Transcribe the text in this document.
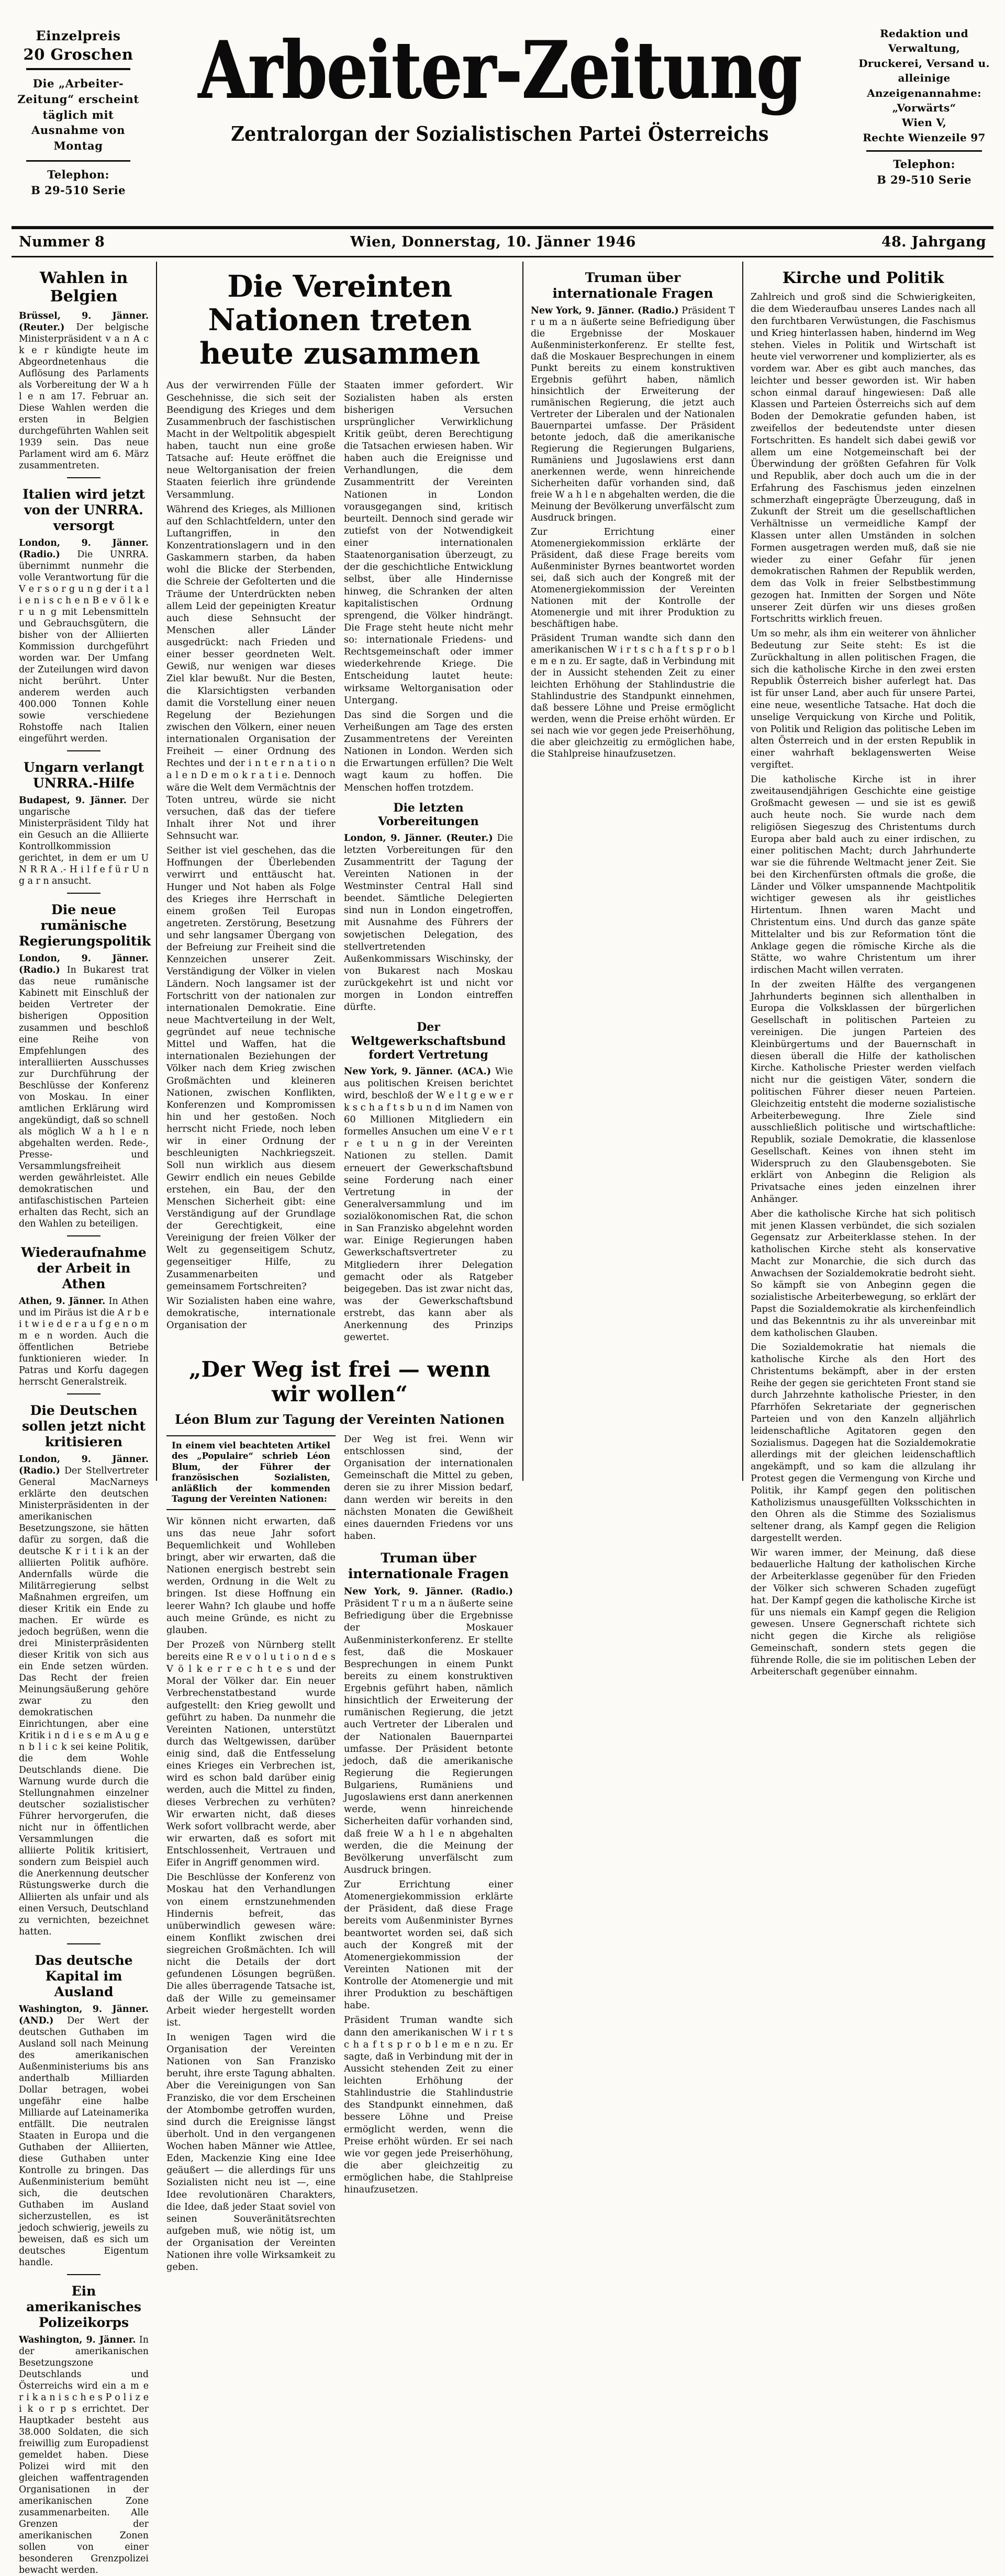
Einzelpreis
20 Groschen
Die „Arbeiter-Zeitung“ erscheint täglich mit Ausnahme von Montag
Telephon:
B 29-510 Serie
Arbeiter-Zeitung
Zentralorgan der Sozialistischen Partei Österreichs
Redaktion und Verwaltung, Druckerei, Versand u. alleinige Anzeigenannahme:
„Vorwärts“
Wien V,
Rechte Wienzeile 97
Telephon:
B 29-510 Serie
Nummer 8	Wien, Donnerstag, 10. Jänner 1946	48. Jahrgang
Wahlen in Belgien

Brüssel, 9. Jänner. (Reuter.) Der belgische Ministerpräsident v a n A c k e r kündigte heute im Abgeordnetenhaus die Auflösung des Parlaments als Vorbereitung der W a h l e n am 17. Februar an. Diese Wahlen werden die ersten in Belgien durchgeführten Wahlen seit 1939 sein. Das neue Parlament wird am 6. März zusammentreten.

Italien wird jetzt von der UNRRA. versorgt

London, 9. Jänner. (Radio.) Die UNRRA. übernimmt nunmehr die volle Verantwortung für die V e r s o r g u n g der i t a l i e n i s c h e n B e v ö l k e r u n g mit Lebensmitteln und Gebrauchsgütern, die bisher von der Alliierten Kommission durchgeführt worden war. Der Umfang der Zuteilungen wird davon nicht berührt. Unter anderem werden auch 400.000 Tonnen Kohle sowie verschiedene Rohstoffe nach Italien eingeführt werden.

Ungarn verlangt UNRRA.-Hilfe

Budapest, 9. Jänner. Der ungarische Ministerpräsident Tildy hat ein Gesuch an die Alliierte Kontrollkommission gerichtet, in dem er um U N R R A .- H i l f e f ü r U n g a r n ansucht.

Die neue rumänische Regierungspolitik

London, 9. Jänner. (Radio.) In Bukarest trat das neue rumänische Kabinett mit Einschluß der beiden Vertreter der bisherigen Opposition zusammen und beschloß eine Reihe von Empfehlungen des interalliierten Ausschusses zur Durchführung der Beschlüsse der Konferenz von Moskau. In einer amtlichen Erklärung wird angekündigt, daß so schnell als möglich W a h l e n abgehalten werden. Rede-, Presse- und Versammlungsfreiheit werden gewährleistet. Alle demokratischen und antifaschistischen Parteien erhalten das Recht, sich an den Wahlen zu beteiligen.

Wiederaufnahme der Arbeit in Athen

Athen, 9. Jänner. In Athen und im Piräus ist die A r b e i t w i e d e r a u f g e n o m m e n worden. Auch die öffentlichen Betriebe funktionieren wieder. In Patras und Korfu dagegen herrscht Generalstreik.

Die Deutschen sollen jetzt nicht kritisieren

London, 9. Jänner. (Radio.) Der Stellvertreter General MacNarneys erklärte den deutschen Ministerpräsidenten in der amerikanischen Besetzungszone, sie hätten dafür zu sorgen, daß die deutsche K r i t i k an der alliierten Politik aufhöre. Andernfalls würde die Militärregierung selbst Maßnahmen ergreifen, um dieser Kritik ein Ende zu machen. Er würde es jedoch begrüßen, wenn die drei Ministerpräsidenten dieser Kritik von sich aus ein Ende setzen würden. Das Recht der freien Meinungsäußerung gehöre zwar zu den demokratischen Einrichtungen, aber eine Kritik i n d i e s e m A u g e n b l i c k sei keine Politik, die dem Wohle Deutschlands diene. Die Warnung wurde durch die Stellungnahmen einzelner deutscher sozialistischer Führer hervorgerufen, die nicht nur in öffentlichen Versammlungen die alliierte Politik kritisiert, sondern zum Beispiel auch die Anerkennung deutscher Rüstungswerke durch die Alliierten als unfair und als einen Versuch, Deutschland zu vernichten, bezeichnet hatten.

Das deutsche Kapital im Ausland

Washington, 9. Jänner. (AND.) Der Wert der deutschen Guthaben im Ausland soll nach Meinung des amerikanischen Außenministeriums bis ans anderthalb Milliarden Dollar betragen, wobei ungefähr eine halbe Milliarde auf Lateinamerika entfällt. Die neutralen Staaten in Europa und die Guthaben der Alliierten, diese Guthaben unter Kontrolle zu bringen. Das Außenministerium bemüht sich, die deutschen Guthaben im Ausland sicherzustellen, es ist jedoch schwierig, jeweils zu beweisen, daß es sich um deutsches Eigentum handle.

Ein amerikanisches Polizeikorps

Washington, 9. Jänner. In der amerikanischen Besetzungszone Deutschlands und Österreichs wird ein a m e r i k a n i s c h e s P o l i z e i k o r p s errichtet. Der Hauptkader besteht aus 38.000 Soldaten, die sich freiwillig zum Europadienst gemeldet haben. Diese Polizei wird mit den gleichen waffentragenden Organisationen in der amerikanischen Zone zusammenarbeiten. Alle Grenzen der amerikanischen Zonen sollen von einer besonderen Grenzpolizei bewacht werden.

Die Vereinten Nationen treten heute zusammen

Aus der verwirrenden Fülle der Geschehnisse, die sich seit der Beendigung des Krieges und dem Zusammenbruch der faschistischen Macht in der Weltpolitik abgespielt haben, taucht nun eine große Tatsache auf: Heute eröffnet die neue Weltorganisation der freien Staaten feierlich ihre gründende Versammlung.

Während des Krieges, als Millionen auf den Schlachtfeldern, unter den Luftangriffen, in den Konzentrationslagern und in den Gaskammern starben, da haben wohl die Blicke der Sterbenden, die Schreie der Gefolterten und die Träume der Unterdrückten neben allem Leid der gepeinigten Kreatur auch diese Sehnsucht der Menschen aller Länder ausgedrückt: nach Frieden und einer besser geordneten Welt. Gewiß, nur wenigen war dieses Ziel klar bewußt. Nur die Besten, die Klarsichtigsten verbanden damit die Vorstellung einer neuen Regelung der Beziehungen zwischen den Völkern, einer neuen internationalen Organisation der Freiheit — einer Ordnung des Rechtes und der i n t e r n a t i o n a l e n D e m o k r a t i e. Dennoch wäre die Welt dem Vermächtnis der Toten untreu, würde sie nicht versuchen, daß das der tiefere Inhalt ihrer Not und ihrer Sehnsucht war.

Seither ist viel geschehen, das die Hoffnungen der Überlebenden verwirrt und enttäuscht hat. Hunger und Not haben als Folge des Krieges ihre Herrschaft in einem großen Teil Europas angetreten. Zerstörung, Besetzung und sehr langsamer Übergang von der Befreiung zur Freiheit sind die Kennzeichen unserer Zeit. Verständigung der Völker in vielen Ländern. Noch langsamer ist der Fortschritt von der nationalen zur internationalen Demokratie. Eine neue Machtverteilung in der Welt, gegründet auf neue technische Mittel und Waffen, hat die internationalen Beziehungen der Völker nach dem Krieg zwischen Großmächten und kleineren Nationen, zwischen Konflikten, Konferenzen und Kompromissen hin und her gestoßen. Noch herrscht nicht Friede, noch leben wir in einer Ordnung der beschleunigten Nachkriegszeit. Soll nun wirklich aus diesem Gewirr endlich ein neues Gebilde erstehen, ein Bau, der den Menschen Sicherheit gibt: eine Verständigung auf der Grundlage der Gerechtigkeit, eine Vereinigung der freien Völker der Welt zu gegenseitigem Schutz, gegenseitiger Hilfe, zu Zusammenarbeiten und gemeinsamem Fortschreiten?

Wir Sozialisten haben eine wahre, demokratische, internationale Organisation der

Staaten immer gefordert. Wir Sozialisten haben als ersten bisherigen Versuchen ursprünglicher Verwirklichung Kritik geübt, deren Berechtigung die Tatsachen erwiesen haben. Wir haben auch die Ereignisse und Verhandlungen, die dem Zusammentritt der Vereinten Nationen in London vorausgegangen sind, kritisch beurteilt. Dennoch sind gerade wir zutiefst von der Notwendigkeit einer internationalen Staatenorganisation überzeugt, zu der die geschichtliche Entwicklung selbst, über alle Hindernisse hinweg, die Schranken der alten kapitalistischen Ordnung sprengend, die Völker hindrängt. Die Frage steht heute nicht mehr so: internationale Friedens- und Rechtsgemeinschaft oder immer wiederkehrende Kriege. Die Entscheidung lautet heute: wirksame Weltorganisation oder Untergang.

Das sind die Sorgen und die Verheißungen am Tage des ersten Zusammentretens der Vereinten Nationen in London. Werden sich die Erwartungen erfüllen? Die Welt wagt kaum zu hoffen. Die Menschen hoffen trotzdem.

Die letzten Vorbereitungen

London, 9. Jänner. (Reuter.) Die letzten Vorbereitungen für den Zusammentritt der Tagung der Vereinten Nationen in der Westminster Central Hall sind beendet. Sämtliche Delegierten sind nun in London eingetroffen, mit Ausnahme des Führers der sowjetischen Delegation, des stellvertretenden Außenkommissars Wischinsky, der von Bukarest nach Moskau zurückgekehrt ist und nicht vor morgen in London eintreffen dürfte.

Der Weltgewerkschaftsbund fordert Vertretung

New York, 9. Jänner. (ACA.) Wie aus politischen Kreisen berichtet wird, beschloß der W e l t g e w e r k s c h a f t s b u n d im Namen von 60 Millionen Mitgliedern ein formelles Ansuchen um eine V e r t r e t u n g in der Vereinten Nationen zu stellen. Damit erneuert der Gewerkschaftsbund seine Forderung nach einer Vertretung in der Generalversammlung und im sozialökonomischen Rat, die schon in San Franzisko abgelehnt worden war. Einige Regierungen haben Gewerkschaftsvertreter zu Mitgliedern ihrer Delegation gemacht oder als Ratgeber beigegeben. Das ist zwar nicht das, was der Gewerkschaftsbund erstrebt, das kann aber als Anerkennung des Prinzips gewertet.

„Der Weg ist frei — wenn wir wollen“
Léon Blum zur Tagung der Vereinten Nationen
In einem viel beachteten Artikel des „Populaire“ schrieb Léon Blum, der Führer der französischen Sozialisten, anläßlich der kommenden Tagung der Vereinten Nationen:

Wir können nicht erwarten, daß uns das neue Jahr sofort Bequemlichkeit und Wohlleben bringt, aber wir erwarten, daß die Nationen energisch bestrebt sein werden, Ordnung in die Welt zu bringen. Ist diese Hoffnung ein leerer Wahn? Ich glaube und hoffe auch meine Gründe, es nicht zu glauben.

Der Prozeß von Nürnberg stellt bereits eine R e v o l u t i o n d e s V ö l k e r r e c h t e s und der Moral der Völker dar. Ein neuer Verbrechenstatbestand wurde aufgestellt: den Krieg gewollt und geführt zu haben. Da nunmehr die Vereinten Nationen, unterstützt durch das Weltgewissen, darüber einig sind, daß die Entfesselung eines Krieges ein Verbrechen ist, wird es schon bald darüber einig werden, auch die Mittel zu finden, dieses Verbrechen zu verhüten? Wir erwarten nicht, daß dieses Werk sofort vollbracht werde, aber wir erwarten, daß es sofort mit Entschlossenheit, Vertrauen und Eifer in Angriff genommen wird.

Die Beschlüsse der Konferenz von Moskau hat den Verhandlungen von einem ernstzunehmenden Hindernis befreit, das unüberwindlich gewesen wäre: einem Konflikt zwischen drei siegreichen Großmächten. Ich will nicht die Details der dort gefundenen Lösungen begrüßen. Die alles überragende Tatsache ist, daß der Wille zu gemeinsamer Arbeit wieder hergestellt worden ist.

In wenigen Tagen wird die Organisation der Vereinten Nationen von San Franzisko beruht, ihre erste Tagung abhalten. Aber die Vereinigungen von San Franzisko, die vor dem Erscheinen der Atombombe getroffen wurden, sind durch die Ereignisse längst überholt. Und in den vergangenen Wochen haben Männer wie Attlee, Eden, Mackenzie King eine Idee geäußert — die allerdings für uns Sozialisten nicht neu ist —, eine Idee revolutionären Charakters, die Idee, daß jeder Staat soviel von seinen Souveränitätsrechten aufgeben muß, wie nötig ist, um der Organisation der Vereinten Nationen ihre volle Wirksamkeit zu geben.

Der Weg ist frei. Wenn wir entschlossen sind, der Organisation der internationalen Gemeinschaft die Mittel zu geben, deren sie zu ihrer Mission bedarf, dann werden wir bereits in den nächsten Monaten die Gewißheit eines dauernden Friedens vor uns haben.

Truman über internationale Fragen

New York, 9. Jänner. (Radio.) Präsident T r u m a n äußerte seine Befriedigung über die Ergebnisse der Moskauer Außenministerkonferenz. Er stellte fest, daß die Moskauer Besprechungen in einem Punkt bereits zu einem konstruktiven Ergebnis geführt haben, nämlich hinsichtlich der Erweiterung der rumänischen Regierung, die jetzt auch Vertreter der Liberalen und der Nationalen Bauernpartei umfasse. Der Präsident betonte jedoch, daß die amerikanische Regierung die Regierungen Bulgariens, Rumäniens und Jugoslawiens erst dann anerkennen werde, wenn hinreichende Sicherheiten dafür vorhanden sind, daß freie W a h l e n abgehalten werden, die die Meinung der Bevölkerung unverfälscht zum Ausdruck bringen.

Zur Errichtung einer Atomenergiekommission erklärte der Präsident, daß diese Frage bereits vom Außenminister Byrnes beantwortet worden sei, daß sich auch der Kongreß mit der Atomenergiekommission der Vereinten Nationen mit der Kontrolle der Atomenergie und mit ihrer Produktion zu beschäftigen habe.

Präsident Truman wandte sich dann den amerikanischen W i r t s c h a f t s p r o b l e m e n zu. Er sagte, daß in Verbindung mit der in Aussicht stehenden Zeit zu einer leichten Erhöhung der Stahlindustrie die Stahlindustrie des Standpunkt einnehmen, daß bessere Löhne und Preise ermöglicht werden, wenn die Preise erhöht würden. Er sei nach wie vor gegen jede Preiserhöhung, die aber gleichzeitig zu ermöglichen habe, die Stahlpreise hinaufzusetzen.

Truman über internationale Fragen

New York, 9. Jänner. (Radio.) Präsident T r u m a n äußerte seine Befriedigung über die Ergebnisse der Moskauer Außenministerkonferenz. Er stellte fest, daß die Moskauer Besprechungen in einem Punkt bereits zu einem konstruktiven Ergebnis geführt haben, nämlich hinsichtlich der Erweiterung der rumänischen Regierung, die jetzt auch Vertreter der Liberalen und der Nationalen Bauernpartei umfasse. Der Präsident betonte jedoch, daß die amerikanische Regierung die Regierungen Bulgariens, Rumäniens und Jugoslawiens erst dann anerkennen werde, wenn hinreichende Sicherheiten dafür vorhanden sind, daß freie W a h l e n abgehalten werden, die die Meinung der Bevölkerung unverfälscht zum Ausdruck bringen.

Zur Errichtung einer Atomenergiekommission erklärte der Präsident, daß diese Frage bereits vom Außenminister Byrnes beantwortet worden sei, daß sich auch der Kongreß mit der Atomenergiekommission der Vereinten Nationen mit der Kontrolle der Atomenergie und mit ihrer Produktion zu beschäftigen habe.

Präsident Truman wandte sich dann den amerikanischen W i r t s c h a f t s p r o b l e m e n zu. Er sagte, daß in Verbindung mit der in Aussicht stehenden Zeit zu einer leichten Erhöhung der Stahlindustrie die Stahlindustrie des Standpunkt einnehmen, daß bessere Löhne und Preise ermöglicht werden, wenn die Preise erhöht würden. Er sei nach wie vor gegen jede Preiserhöhung, die aber gleichzeitig zu ermöglichen habe, die Stahlpreise hinaufzusetzen.

Kirche und Politik

Zahlreich und groß sind die Schwierigkeiten, die dem Wiederaufbau unseres Landes nach all den furchtbaren Verwüstungen, die Faschismus und Krieg hinterlassen haben, hindernd im Weg stehen. Vieles in Politik und Wirtschaft ist heute viel verworrener und komplizierter, als es vordem war. Aber es gibt auch manches, das leichter und besser geworden ist. Wir haben schon einmal darauf hingewiesen: Daß alle Klassen und Parteien Österreichs sich auf dem Boden der Demokratie gefunden haben, ist zweifellos der bedeutendste unter diesen Fortschritten. Es handelt sich dabei gewiß vor allem um eine Notgemeinschaft bei der Überwindung der größten Gefahren für Volk und Republik, aber doch auch um die in der Erfahrung des Faschismus jeden einzelnen schmerzhaft eingeprägte Überzeugung, daß in Zukunft der Streit um die gesellschaftlichen Verhältnisse un vermeidliche Kampf der Klassen unter allen Umständen in solchen Formen ausgetragen werden muß, daß sie nie wieder zu einer Gefahr für jenen demokratischen Rahmen der Republik werden, dem das Volk in freier Selbstbestimmung gezogen hat. Inmitten der Sorgen und Nöte unserer Zeit dürfen wir uns dieses großen Fortschritts wirklich freuen.

Um so mehr, als ihm ein weiterer von ähnlicher Bedeutung zur Seite steht: Es ist die Zurückhaltung in allen politischen Fragen, die sich die katholische Kirche in den zwei ersten Republik Österreich bisher auferlegt hat. Das ist für unser Land, aber auch für unsere Partei, eine neue, wesentliche Tatsache. Hat doch die unselige Verquickung von Kirche und Politik, von Politik und Religion das politische Leben im alten Österreich und in der ersten Republik in einer wahrhaft beklagenswerten Weise vergiftet.

Die katholische Kirche ist in ihrer zweitausendjährigen Geschichte eine geistige Großmacht gewesen — und sie ist es gewiß auch heute noch. Sie wurde nach dem religiösen Siegeszug des Christentums durch Europa aber bald auch zu einer irdischen, zu einer politischen Macht; durch Jahrhunderte war sie die führende Weltmacht jener Zeit. Sie bei den Kirchenfürsten oftmals die große, die Länder und Völker umspannende Machtpolitik wichtiger gewesen als ihr geistliches Hirtentum. Ihnen waren Macht und Christentum eins. Und durch das ganze späte Mittelalter und bis zur Reformation tönt die Anklage gegen die römische Kirche als die Stätte, wo wahre Christentum um ihrer irdischen Macht willen verraten.

In der zweiten Hälfte des vergangenen Jahrhunderts beginnen sich allenthalben in Europa die Volksklassen der bürgerlichen Gesellschaft in politischen Parteien zu vereinigen. Die jungen Parteien des Kleinbürgertums und der Bauernschaft in diesen überall die Hilfe der katholischen Kirche. Katholische Priester werden vielfach nicht nur die geistigen Väter, sondern die politischen Führer dieser neuen Parteien. Gleichzeitig entsteht die moderne sozialistische Arbeiterbewegung. Ihre Ziele sind ausschließlich politische und wirtschaftliche: Republik, soziale Demokratie, die klassenlose Gesellschaft. Keines von ihnen steht im Widerspruch zu den Glaubensgeboten. Sie erklärt von Anbeginn die Religion als Privatsache eines jeden einzelnen ihrer Anhänger.

Aber die katholische Kirche hat sich politisch mit jenen Klassen verbündet, die sich sozialen Gegensatz zur Arbeiterklasse stehen. In der katholischen Kirche steht als konservative Macht zur Monarchie, die sich durch das Anwachsen der Sozialdemokratie bedroht sieht. So kämpft sie von Anbeginn gegen die sozialistische Arbeiterbewegung, so erklärt der Papst die Sozialdemokratie als kirchenfeindlich und das Bekenntnis zu ihr als unvereinbar mit dem katholischen Glauben.

Die Sozialdemokratie hat niemals die katholische Kirche als den Hort des Christentums bekämpft, aber in der ersten Reihe der gegen sie gerichteten Front stand sie durch Jahrzehnte katholische Priester, in den Pfarrhöfen Sekretariate der gegnerischen Parteien und von den Kanzeln alljährlich leidenschaftliche Agitatoren gegen den Sozialismus. Dagegen hat die Sozialdemokratie allerdings mit der gleichen leidenschaftlich angekämpft, und so kam die allzulang ihr Protest gegen die Vermengung von Kirche und Politik, ihr Kampf gegen den politischen Katholizismus unausgefüllten Volksschichten in den Ohren als die Stimme des Sozialismus seltener drang, als Kampf gegen die Religion dargestellt werden.

Wir waren immer, der Meinung, daß diese bedauerliche Haltung der katholischen Kirche der Arbeiterklasse gegenüber für den Frieden der Völker sich schweren Schaden zugefügt hat. Der Kampf gegen die katholische Kirche ist für uns niemals ein Kampf gegen die Religion gewesen. Unsere Gegnerschaft richtete sich nicht gegen die Kirche als religiöse Gemeinschaft, sondern stets gegen die führende Rolle, die sie im politischen Leben der Arbeiterschaft gegenüber einnahm.
